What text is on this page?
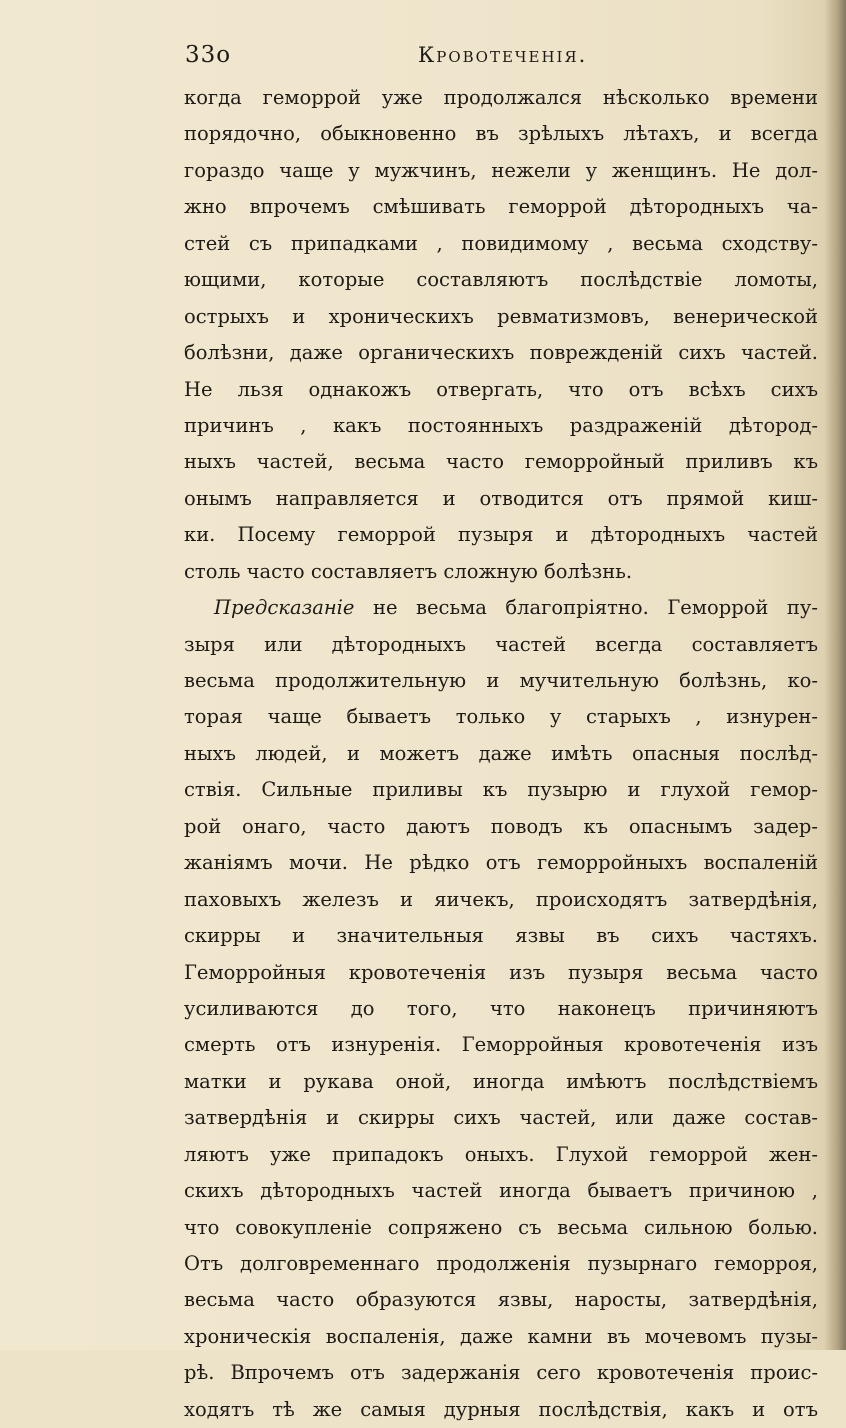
33о	Кровотеченія.
когда геморрой уже продолжался нѣсколько времени
порядочно, обыкновенно въ зрѣлыхъ лѣтахъ, и всегда
гораздо чаще у мужчинъ, нежели у женщинъ. Не дол-
жно впрочемъ смѣшивать геморрой дѣтородныхъ ча-
стей съ припадками , повидимому , весьма сходству-
ющими, которые составляютъ послѣдствіе ломоты,
острыхъ и хроническихъ ревматизмовъ, венерической
болѣзни, даже органическихъ поврежденій сихъ частей.
Не льзя однакожъ отвергать, что отъ всѣхъ сихъ
причинъ , какъ постоянныхъ раздраженій дѣтород-
ныхъ частей, весьма часто геморройный приливъ къ
онымъ направляется и отводится отъ прямой киш-
ки. Посему геморрой пузыря и дѣтородныхъ частей
столь часто составляетъ сложную болѣзнь.
Предсказаніе не весьма благопріятно. Геморрой пу-
зыря или дѣтородныхъ частей всегда составляетъ
весьма продолжительную и мучительную болѣзнь, ко-
торая чаще бываетъ только у старыхъ , изнурен-
ныхъ людей, и можетъ даже имѣть опасныя послѣд-
ствія. Сильные приливы къ пузырю и глухой гемор-
рой онаго, часто даютъ поводъ къ опаснымъ задер-
жаніямъ мочи. Не рѣдко отъ геморройныхъ воспаленій
паховыхъ железъ и яичекъ, происходятъ затвердѣнія,
скирры и значительныя язвы въ сихъ частяхъ.
Геморройныя кровотеченія изъ пузыря весьма часто
усиливаются до того, что наконецъ причиняютъ
смерть отъ изнуренія. Геморройныя кровотеченія изъ
матки и рукава оной, иногда имѣютъ послѣдствіемъ
затвердѣнія и скирры сихъ частей, или даже состав-
ляютъ уже припадокъ оныхъ. Глухой геморрой жен-
скихъ дѣтородныхъ частей иногда бываетъ причиною ,
что совокупленіе сопряжено съ весьма сильною болью.
Отъ долговременнаго продолженія пузырнаго геморроя,
весьма часто образуются язвы, наросты, затвердѣнія,
хроническія воспаленія, даже камни въ мочевомъ пузы-
рѣ. Впрочемъ отъ задержанія сего кровотеченія проис-
ходятъ тѣ же самыя дурныя послѣдствія, какъ и отъ
